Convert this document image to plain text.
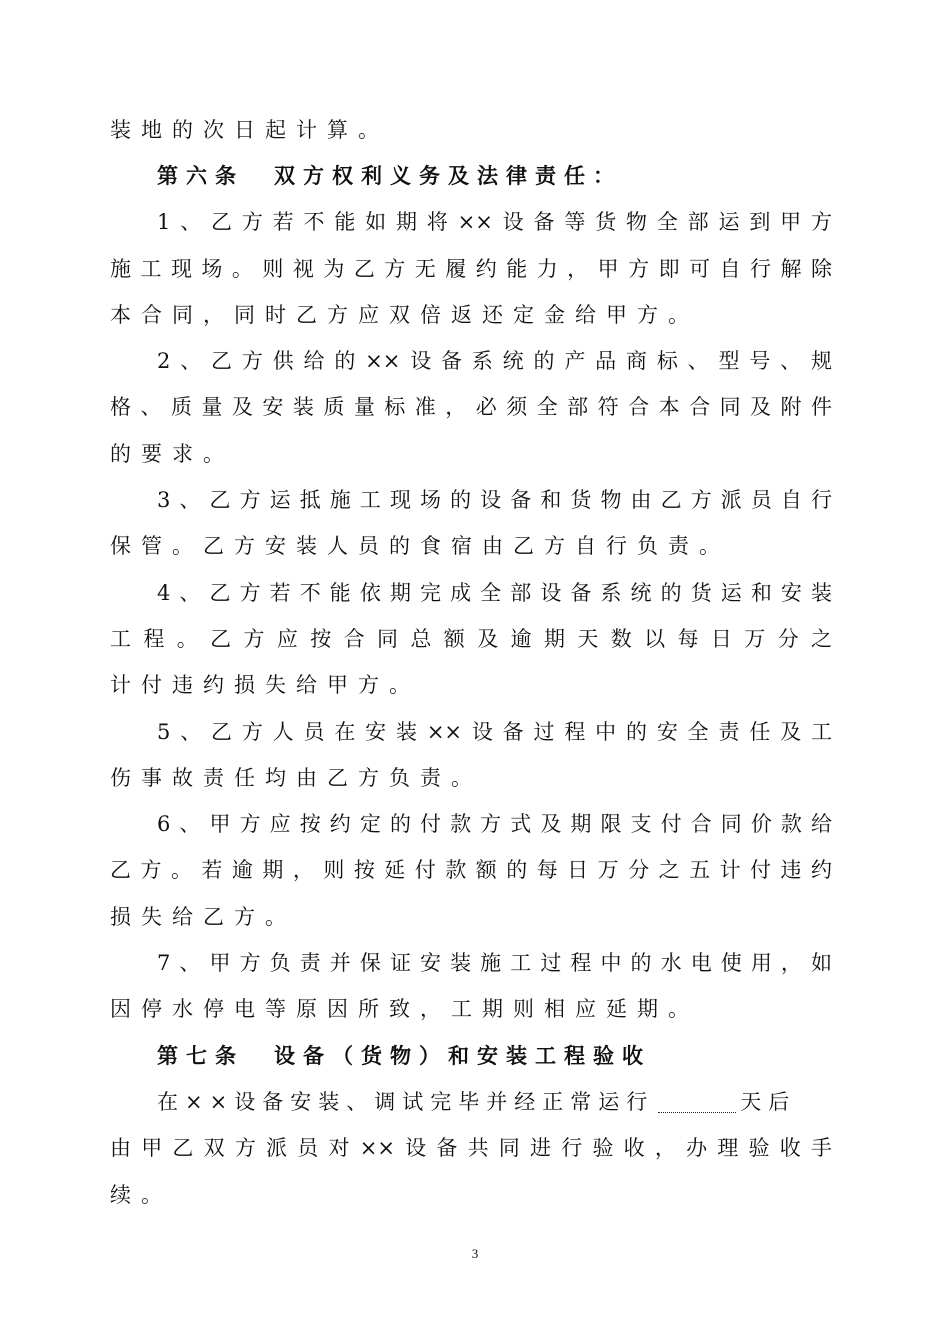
装地的次日起计算。
第六条 双方权利义务及法律责任：
1、乙方若不能如期将××设备等货物全部运到甲方
施工现场。则视为乙方无履约能力，甲方即可自行解除
本合同，同时乙方应双倍返还定金给甲方。
2、乙方供给的××设备系统的产品商标、型号、规
格、质量及安装质量标准，必须全部符合本合同及附件
的要求。
3、乙方运抵施工现场的设备和货物由乙方派员自行
保管。乙方安装人员的食宿由乙方自行负责。
4、乙方若不能依期完成全部设备系统的货运和安装
工程。乙方应按合同总额及逾期天数以每日万分之
计付违约损失给甲方。
5、乙方人员在安装××设备过程中的安全责任及工
伤事故责任均由乙方负责。
6、甲方应按约定的付款方式及期限支付合同价款给
乙方。若逾期，则按延付款额的每日万分之五计付违约
损失给乙方。
7、甲方负责并保证安装施工过程中的水电使用，如
因停水停电等原因所致，工期则相应延期。
第七条 设备（货物）和安装工程验收
在××设备安装、调试完毕并经正常运行	天后
由甲乙双方派员对××设备共同进行验收，办理验收手
续。
3
